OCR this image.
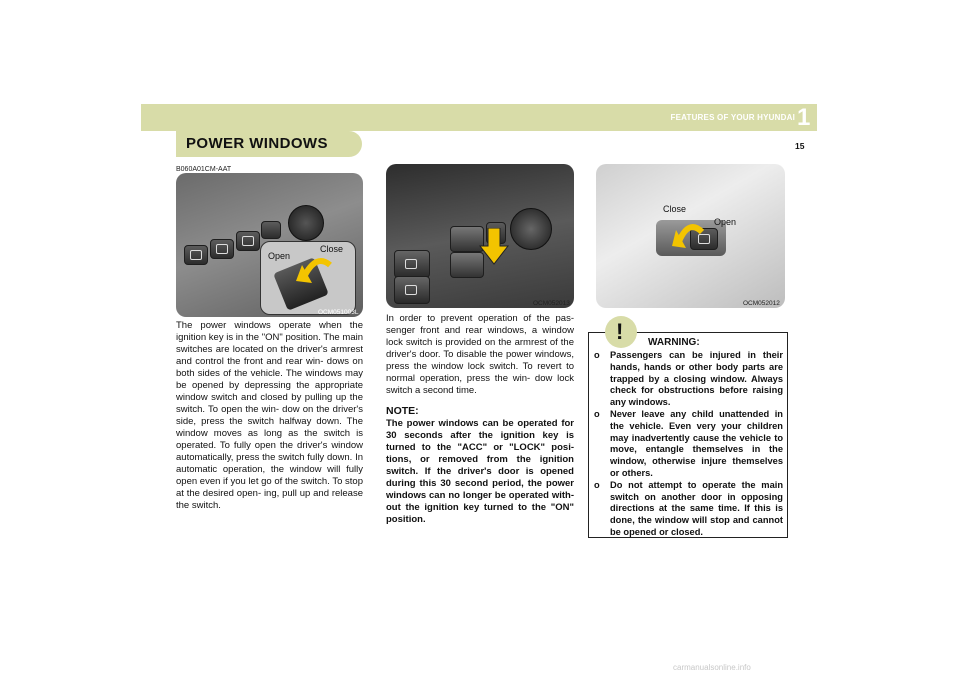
FEATURES OF YOUR HYUNDAI 1
15
POWER WINDOWS
B060A01CM-AAT
Open
Close
OCM051003L
OCM052013
Close
Open
OCM052012
The power windows operate when the ignition key is in the "ON" position. The main switches are located on the driver's armrest and control the front and rear win- dows on both sides of the vehicle. The windows may be opened by depressing the appropriate window switch and closed by pulling up the switch. To open the win- dow on the driver's side, press the switch halfway down. The window moves as long as the switch is operated. To fully open the driver's window automatically, press the switch fully down. In automatic operation, the window will fully open even if you let go of the switch. To stop at the desired open- ing, pull up and release the switch.
In order to prevent operation of the pas- senger front and rear windows, a window lock switch is provided on the armrest of the driver's door. To disable the power windows, press the window lock switch. To revert to normal operation, press the win- dow lock switch a second time.
NOTE:
The power windows can be operated for 30 seconds after the ignition key is turned to the "ACC" or "LOCK" posi- tions, or removed from the ignition switch. If the driver's door is opened during this 30 second period, the power windows can no longer be operated with- out the ignition key turned to the "ON" position.
! WARNING:
o Passengers can be injured in their hands, hands or other body parts are trapped by a closing window. Always check for obstructions before raising any windows.
o Never leave any child unattended in the vehicle. Even very your children may inadvertently cause the vehicle to move, entangle themselves in the window, otherwise injure themselves or others.
o Do not attempt to operate the main switch on another door in opposing directions at the same time. If this is done, the window will stop and cannot be opened or closed.
carmanualsonline.info
